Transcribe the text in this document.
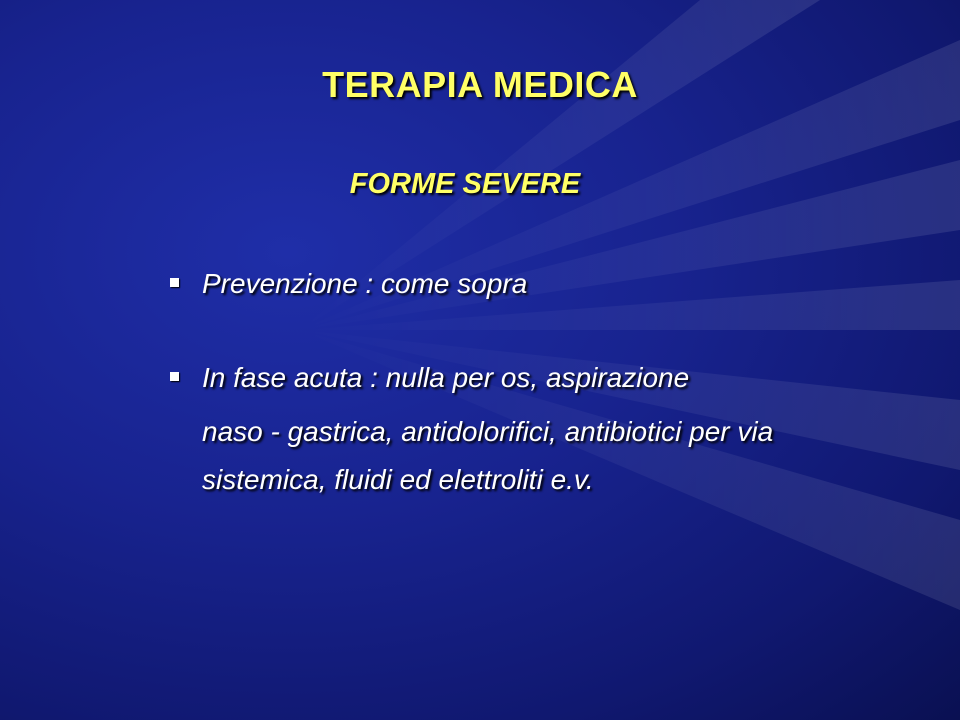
TERAPIA MEDICA
FORME SEVERE
Prevenzione : come sopra
In fase acuta : nulla per os, aspirazione
naso - gastrica, antidolorifici, antibiotici per via
sistemica, fluidi ed elettroliti e.v.
